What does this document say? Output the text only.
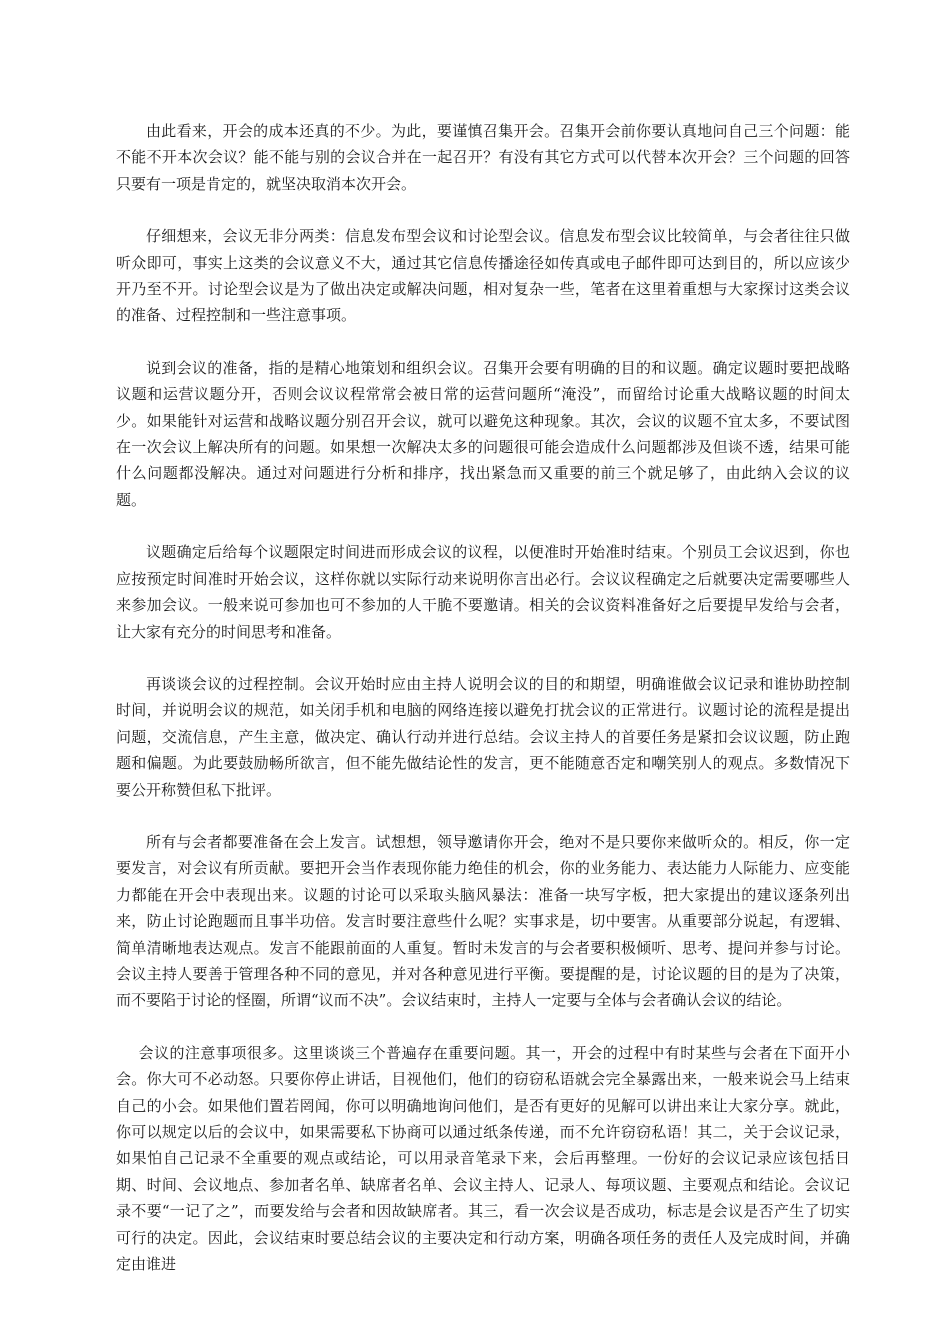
由此看来，开会的成本还真的不少。为此，要谨慎召集开会。召集开会前你要认真地问自己三个问题：能不能不开本次会议？能不能与别的会议合并在一起召开？有没有其它方式可以代替本次开会？三个问题的回答只要有一项是肯定的，就坚决取消本次开会。

仔细想来，会议无非分两类：信息发布型会议和讨论型会议。信息发布型会议比较简单，与会者往往只做听众即可，事实上这类的会议意义不大，通过其它信息传播途径如传真或电子邮件即可达到目的，所以应该少开乃至不开。讨论型会议是为了做出决定或解决问题，相对复杂一些，笔者在这里着重想与大家探讨这类会议的准备、过程控制和一些注意事项。

说到会议的准备，指的是精心地策划和组织会议。召集开会要有明确的目的和议题。确定议题时要把战略议题和运营议题分开，否则会议议程常常会被日常的运营问题所“淹没”，而留给讨论重大战略议题的时间太少。如果能针对运营和战略议题分别召开会议，就可以避免这种现象。其次，会议的议题不宜太多，不要试图在一次会议上解决所有的问题。如果想一次解决太多的问题很可能会造成什么问题都涉及但谈不透，结果可能什么问题都没解决。通过对问题进行分析和排序，找出紧急而又重要的前三个就足够了，由此纳入会议的议题。

议题确定后给每个议题限定时间进而形成会议的议程，以便准时开始准时结束。个别员工会议迟到，你也应按预定时间准时开始会议，这样你就以实际行动来说明你言出必行。会议议程确定之后就要决定需要哪些人来参加会议。一般来说可参加也可不参加的人干脆不要邀请。相关的会议资料准备好之后要提早发给与会者，让大家有充分的时间思考和准备。

再谈谈会议的过程控制。会议开始时应由主持人说明会议的目的和期望，明确谁做会议记录和谁协助控制时间，并说明会议的规范，如关闭手机和电脑的网络连接以避免打扰会议的正常进行。议题讨论的流程是提出问题，交流信息，产生主意，做决定、确认行动并进行总结。会议主持人的首要任务是紧扣会议议题，防止跑题和偏题。为此要鼓励畅所欲言，但不能先做结论性的发言，更不能随意否定和嘲笑别人的观点。多数情况下要公开称赞但私下批评。

所有与会者都要准备在会上发言。试想想，领导邀请你开会，绝对不是只要你来做听众的。相反，你一定要发言，对会议有所贡献。要把开会当作表现你能力绝佳的机会，你的业务能力、表达能力人际能力、应变能力都能在开会中表现出来。议题的讨论可以采取头脑风暴法：准备一块写字板，把大家提出的建议逐条列出来，防止讨论跑题而且事半功倍。发言时要注意些什么呢？实事求是，切中要害。从重要部分说起，有逻辑、简单清晰地表达观点。发言不能跟前面的人重复。暂时未发言的与会者要积极倾听、思考、提问并参与讨论。会议主持人要善于管理各种不同的意见，并对各种意见进行平衡。要提醒的是，讨论议题的目的是为了决策，而不要陷于讨论的怪圈，所谓“议而不决”。会议结束时，主持人一定要与全体与会者确认会议的结论。

会议的注意事项很多。这里谈谈三个普遍存在重要问题。其一，开会的过程中有时某些与会者在下面开小会。你大可不必动怒。只要你停止讲话，目视他们，他们的窃窃私语就会完全暴露出来，一般来说会马上结束自己的小会。如果他们置若罔闻，你可以明确地询问他们，是否有更好的见解可以讲出来让大家分享。就此，你可以规定以后的会议中，如果需要私下协商可以通过纸条传递，而不允许窃窃私语！其二，关于会议记录，如果怕自己记录不全重要的观点或结论，可以用录音笔录下来，会后再整理。一份好的会议记录应该包括日期、时间、会议地点、参加者名单、缺席者名单、会议主持人、记录人、每项议题、主要观点和结论。会议记录不要“一记了之”，而要发给与会者和因故缺席者。其三，看一次会议是否成功，标志是会议是否产生了切实可行的决定。因此，会议结束时要总结会议的主要决定和行动方案，明确各项任务的责任人及完成时间，并确定由谁进
